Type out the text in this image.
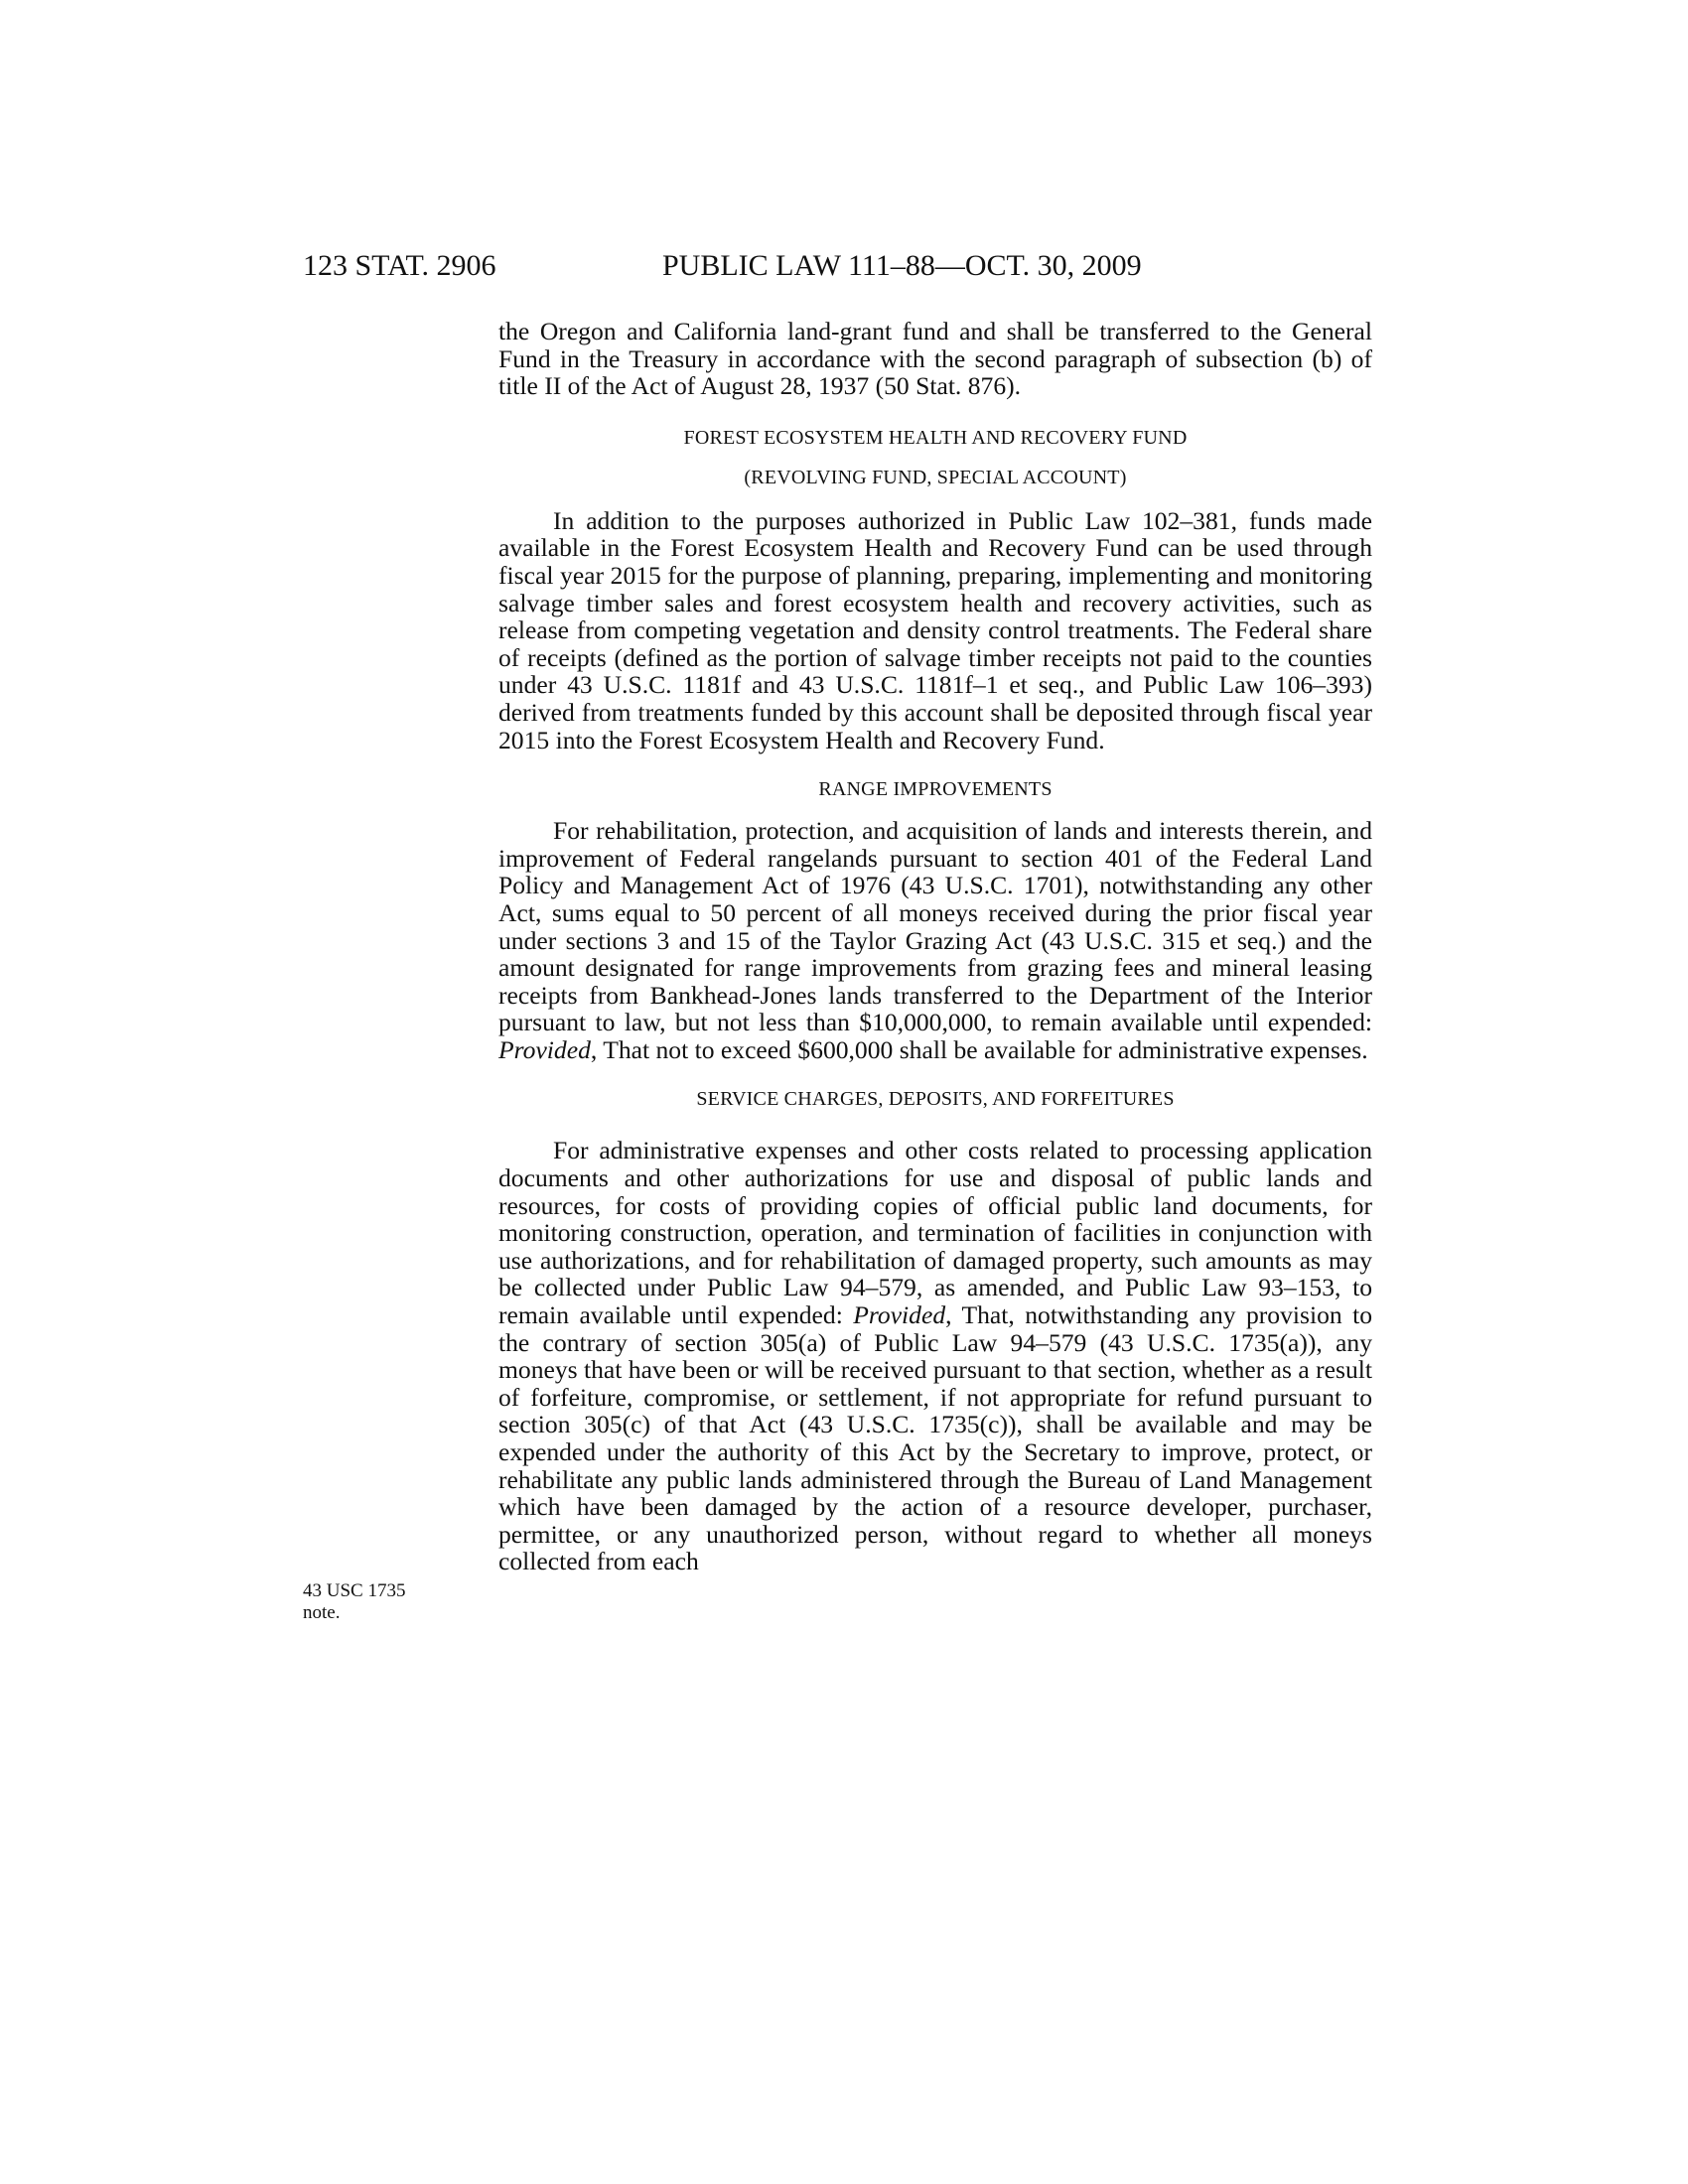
123 STAT. 2906	PUBLIC LAW 111–88—OCT. 30, 2009
43 USC 1735
note.

the Oregon and California land-grant fund and shall be transferred to the General Fund in the Treasury in accordance with the second paragraph of subsection (b) of title II of the Act of August 28, 1937 (50 Stat. 876).

FOREST ECOSYSTEM HEALTH AND RECOVERY FUND

(REVOLVING FUND, SPECIAL ACCOUNT)

In addition to the purposes authorized in Public Law 102–381, funds made available in the Forest Ecosystem Health and Recovery Fund can be used through fiscal year 2015 for the purpose of planning, preparing, implementing and monitoring salvage timber sales and forest ecosystem health and recovery activities, such as release from competing vegetation and density control treatments. The Federal share of receipts (defined as the portion of salvage timber receipts not paid to the counties under 43 U.S.C. 1181f and 43 U.S.C. 1181f–1 et seq., and Public Law 106–393) derived from treatments funded by this account shall be deposited through fiscal year 2015 into the Forest Ecosystem Health and Recovery Fund.

RANGE IMPROVEMENTS

For rehabilitation, protection, and acquisition of lands and interests therein, and improvement of Federal rangelands pursuant to section 401 of the Federal Land Policy and Management Act of 1976 (43 U.S.C. 1701), notwithstanding any other Act, sums equal to 50 percent of all moneys received during the prior fiscal year under sections 3 and 15 of the Taylor Grazing Act (43 U.S.C. 315 et seq.) and the amount designated for range improvements from grazing fees and mineral leasing receipts from Bankhead-Jones lands transferred to the Department of the Interior pursuant to law, but not less than $10,000,000, to remain available until expended: Provided, That not to exceed $600,000 shall be available for administrative expenses.

SERVICE CHARGES, DEPOSITS, AND FORFEITURES

For administrative expenses and other costs related to processing application documents and other authorizations for use and disposal of public lands and resources, for costs of providing copies of official public land documents, for monitoring construction, operation, and termination of facilities in conjunction with use authorizations, and for rehabilitation of damaged property, such amounts as may be collected under Public Law 94–579, as amended, and Public Law 93–153, to remain available until expended: Provided, That, notwithstanding any provision to the contrary of section 305(a) of Public Law 94–579 (43 U.S.C. 1735(a)), any moneys that have been or will be received pursuant to that section, whether as a result of forfeiture, compromise, or settlement, if not appropriate for refund pursuant to section 305(c) of that Act (43 U.S.C. 1735(c)), shall be available and may be expended under the authority of this Act by the Secretary to improve, protect, or rehabilitate any public lands administered through the Bureau of Land Management which have been damaged by the action of a resource developer, purchaser, permittee, or any unauthorized person, without regard to whether all moneys collected from each
